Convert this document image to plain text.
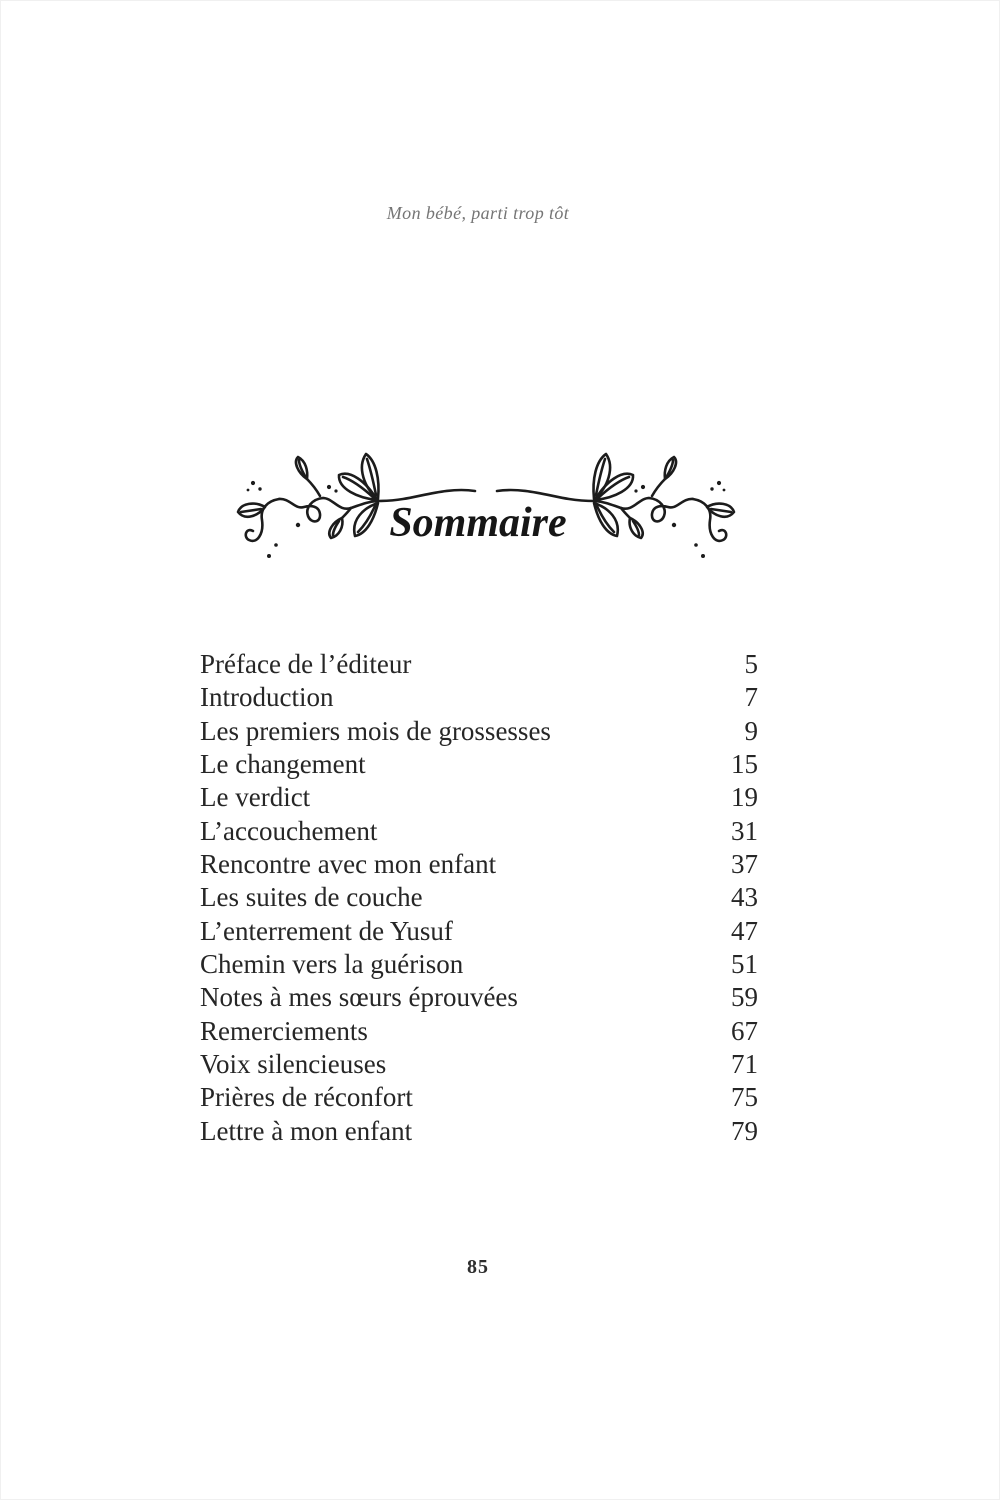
Mon bébé, parti trop tôt
Sommaire
Préface de l’éditeur	5
Introduction	7
Les premiers mois de grossesses	9
Le changement	15
Le verdict	19
L’accouchement	31
Rencontre avec mon enfant	37
Les suites de couche	43
L’enterrement de Yusuf	47
Chemin vers la guérison	51
Notes à mes sœurs éprouvées	59
Remerciements	67
Voix silencieuses	71
Prières de réconfort	75
Lettre à mon enfant	79
85
